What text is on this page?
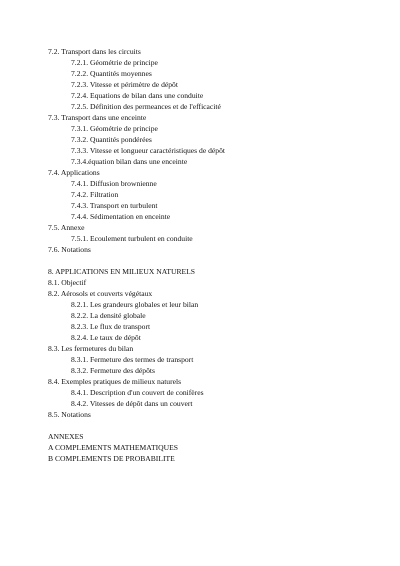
7.2. Transport dans les circuits
7.2.1. Géométrie de principe
7.2.2. Quantités moyennes
7.2.3. Vitesse et périmètre de dépôt
7.2.4. Equations de bilan dans une conduite
7.2.5. Définition des permeances et de l'efficacité
7.3. Transport dans une enceinte
7.3.1. Géométrie de principe
7.3.2. Quantités pondérées
7.3.3. Vitesse et longueur caractéristiques de dépôt
7.3.4.équation bilan dans une enceinte
7.4. Applications
7.4.1. Diffusion brownienne
7.4.2. Filtration
7.4.3. Transport en turbulent
7.4.4. Sédimentation en enceinte
7.5. Annexe
7.5.1. Ecoulement turbulent en conduite
7.6. Notations
8. APPLICATIONS EN MILIEUX NATURELS
8.1. Objectif
8.2. Aérosols et couverts végétaux
8.2.1. Les grandeurs globales et leur bilan
8.2.2. La densité globale
8.2.3. Le flux de transport
8.2.4. Le taux de dépôt
8.3. Les fermetures du bilan
8.3.1. Fermeture des termes de transport
8.3.2. Fermeture des dépôts
8.4. Exemples pratiques de milieux naturels
8.4.1. Description d'un couvert de conifères
8.4.2. Vitesses de dépôt dans un couvert
8.5. Notations
ANNEXES
A COMPLEMENTS MATHEMATIQUES
B COMPLEMENTS DE PROBABILITE
